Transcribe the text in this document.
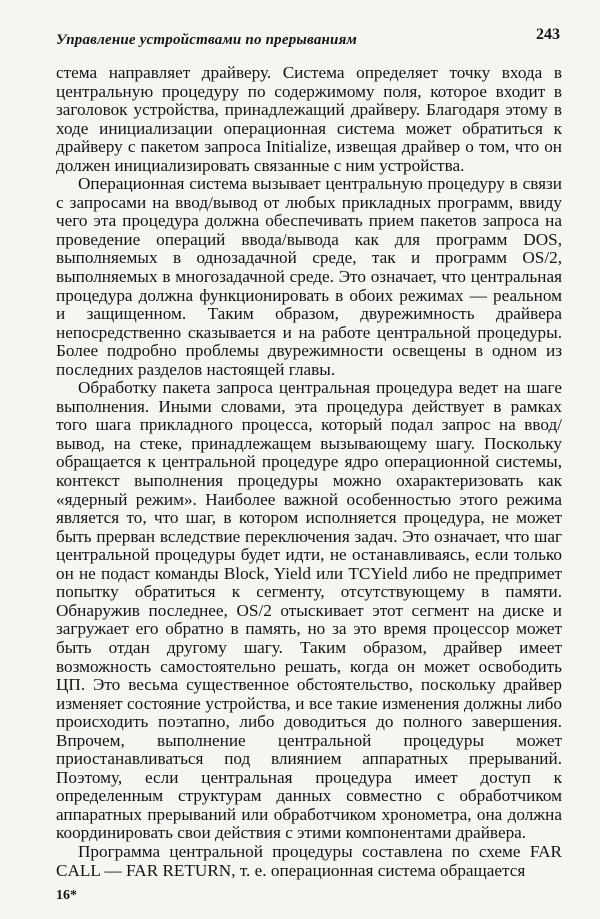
Управление устройствами по прерываниям	243

стема направляет драйверу. Система определяет точку входа в центральную процедуру по содержимому поля, которое входит в заголовок устройства, принадлежащий драйверу. Благодаря этому в ходе инициализации операционная система может обратиться к драйверу с пакетом запроса Initialize, извещая драйвер о том, что он должен инициализировать связанные с ним устройства.

Операционная система вызывает центральную процедуру в связи с запросами на ввод/вывод от любых прикладных программ, ввиду чего эта процедура должна обеспечивать прием пакетов запроса на проведение операций ввода/вывода как для программ DOS, выполняемых в однозадачной среде, так и программ OS/2, выполняемых в многозадачной среде. Это означает, что центральная процедура должна функционировать в обоих режимах — реальном и защищенном. Таким образом, двурежимность драйвера непосредственно сказывается и на работе центральной процедуры. Более подробно проблемы двурежимности освещены в одном из последних разделов настоящей главы.

Обработку пакета запроса центральная процедура ведет на шаге выполнения. Иными словами, эта процедура действует в рамках того шага прикладного процесса, который подал запрос на ввод/вывод, на стеке, принадлежащем вызывающему шагу. Поскольку обращается к центральной процедуре ядро операционной системы, контекст выполнения процедуры можно охарактеризовать как «ядерный режим». Наиболее важной особенностью этого режима является то, что шаг, в котором исполняется процедура, не может быть прерван вследствие переключения задач. Это означает, что шаг центральной процедуры будет идти, не останавливаясь, если только он не подаст команды Block, Yield или TCYield либо не предпримет попытку обратиться к сегменту, отсутствующему в памяти. Обнаружив последнее, OS/2 отыскивает этот сегмент на диске и загружает его обратно в память, но за это время процессор может быть отдан другому шагу. Таким образом, драйвер имеет возможность самостоятельно решать, когда он может освободить ЦП. Это весьма существенное обстоятельство, поскольку драйвер изменяет состояние устройства, и все такие изменения должны либо происходить поэтапно, либо доводиться до полного завершения. Впрочем, выполнение центральной процедуры может приостанавливаться под влиянием аппаратных прерываний. Поэтому, если центральная процедура имеет доступ к определенным структурам данных совместно с обработчиком аппаратных прерываний или обработчиком хронометра, она должна координировать свои действия с этими компонентами драйвера.

Программа центральной процедуры составлена по схеме FAR CALL — FAR RETURN, т. е. операционная система обращается

16*
